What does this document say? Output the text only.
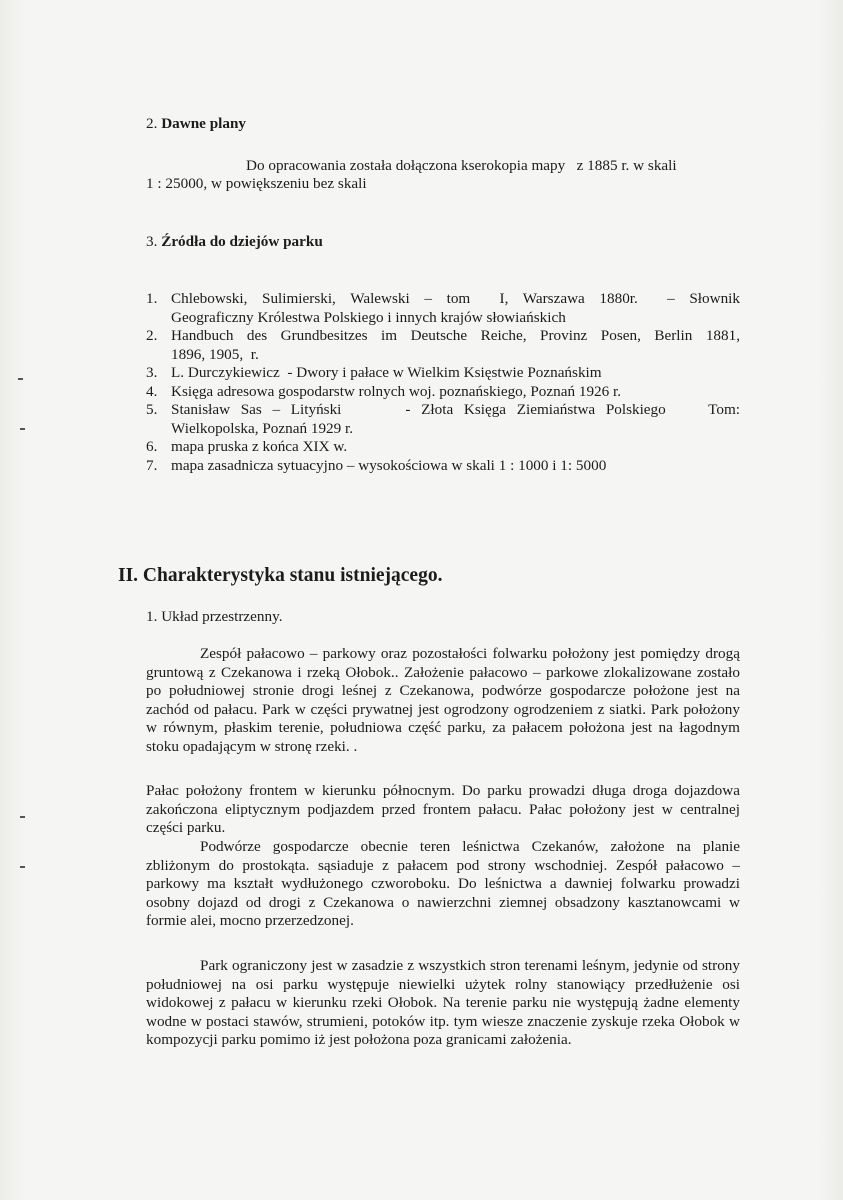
2. Dawne plany
Do opracowania została dołączona kserokopia mapy   z 1885 r. w skali
1 : 25000, w powiększeniu bez skali
3. Źródła do dziejów parku
1. Chlebowski, Sulimierski, Walewski – tom  I, Warszawa 1880r.  – Słownik
Geograficzny Królestwa Polskiego i innych krajów słowiańskich
2. Handbuch des Grundbesitzes im Deutsche Reiche, Provinz Posen, Berlin 1881,
1896, 1905,  r.
3. L. Durczykiewicz  - Dwory i pałace w Wielkim Księstwie Poznańskim
4. Księga adresowa gospodarstw rolnych woj. poznańskiego, Poznań 1926 r.
5. Stanisław Sas – Lityński      - Złota Księga Ziemiaństwa Polskiego    Tom:
Wielkopolska, Poznań 1929 r.
6. mapa pruska z końca XIX w.
7. mapa zasadnicza sytuacyjno – wysokościowa w skali 1 : 1000 i 1: 5000
II. Charakterystyka stanu istniejącego.
1. Układ przestrzenny.
Zespół pałacowo – parkowy oraz pozostałości folwarku położony jest pomiędzy drogą gruntową z Czekanowa i rzeką Ołobok.. Założenie pałacowo – parkowe zlokalizowane zostało po południowej stronie drogi leśnej z Czekanowa, podwórze gospodarcze położone jest na zachód od pałacu. Park w części prywatnej jest ogrodzony ogrodzeniem z siatki. Park położony w równym, płaskim terenie, południowa część parku, za pałacem położona jest na łagodnym stoku opadającym w stronę rzeki. .
Pałac położony frontem w kierunku północnym. Do parku prowadzi długa droga dojazdowa zakończona eliptycznym podjazdem przed frontem pałacu. Pałac położony jest w centralnej części parku.
Podwórze gospodarcze obecnie teren leśnictwa Czekanów, założone na planie zbliżonym do prostokąta. sąsiaduje z pałacem pod strony wschodniej. Zespół pałacowo – parkowy ma kształt wydłużonego czworoboku. Do leśnictwa a dawniej folwarku prowadzi osobny dojazd od drogi z Czekanowa o nawierzchni ziemnej obsadzony kasztanowcami w formie alei, mocno przerzedzonej.
Park ograniczony jest w zasadzie z wszystkich stron terenami leśnym, jedynie od strony południowej na osi parku występuje niewielki użytek rolny stanowiący przedłużenie osi widokowej z pałacu w kierunku rzeki Ołobok. Na terenie parku nie występują żadne elementy wodne w postaci stawów, strumieni, potoków itp. tym wiesze znaczenie zyskuje rzeka Ołobok w kompozycji parku pomimo iż jest położona poza granicami założenia.
